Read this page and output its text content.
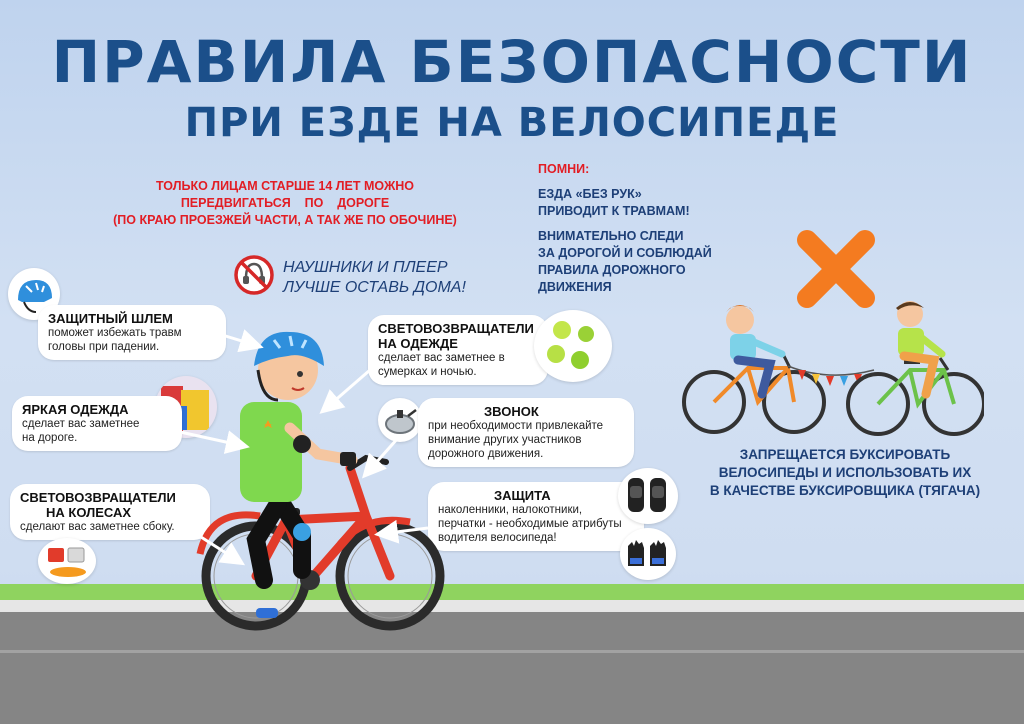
ПРАВИЛА БЕЗОПАСНОСТИ
ПРИ ЕЗДЕ НА ВЕЛОСИПЕДЕ
ТОЛЬКО ЛИЦАМ СТАРШЕ 14 ЛЕТ МОЖНО
ПЕРЕДВИГАТЬСЯ    ПО    ДОРОГЕ
(ПО КРАЮ ПРОЕЗЖЕЙ ЧАСТИ, А ТАК ЖЕ ПО ОБОЧИНЕ)

ПОМНИ:

ЕЗДА «БЕЗ РУК»
ПРИВОДИТ К ТРАВМАМ!

ВНИМАТЕЛЬНО СЛЕДИ
ЗА ДОРОГОЙ И СОБЛЮДАЙ
ПРАВИЛА ДОРОЖНОГО
ДВИЖЕНИЯ

ЗАПРЕЩАЕТСЯ БУКСИРОВАТЬ
ВЕЛОСИПЕДЫ И ИСПОЛЬЗОВАТЬ ИХ
В КАЧЕСТВЕ БУКСИРОВЩИКА (ТЯГАЧА)
НАУШНИКИ И ПЛЕЕР
ЛУЧШЕ ОСТАВЬ ДОМА!
ЗАЩИТНЫЙ ШЛЕМ
поможет избежать травм
головы при падении.
ЯРКАЯ ОДЕЖДА
сделает вас заметнее
на дороге.
СВЕТОВОЗВРАЩАТЕЛИ
НА КОЛЕСАХ
сделают вас заметнее сбоку.
СВЕТОВОЗВРАЩАТЕЛИ
НА ОДЕЖДЕ
сделает вас заметнее в
сумерках и ночью.
ЗВОНОК
при необходимости привлекайте
внимание других участников
дорожного движения.
ЗАЩИТА
наколенники, налокотники,
перчатки - необходимые атрибуты
водителя велосипеда!
